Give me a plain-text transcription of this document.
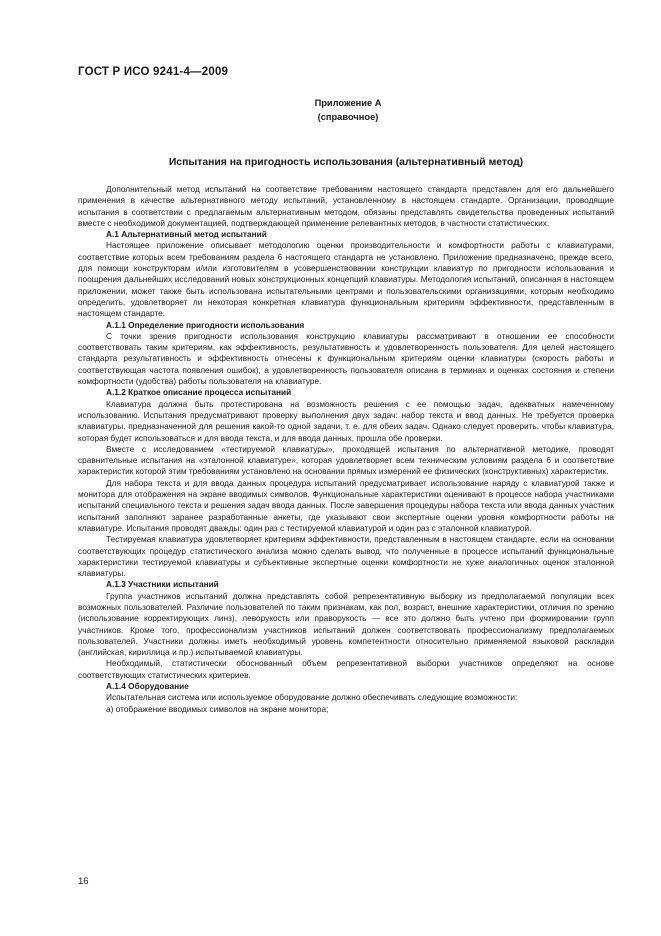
ГОСТ Р ИСО 9241-4—2009
Приложение А
(справочное)
Испытания на пригодность использования (альтернативный метод)

Дополнительный метод испытаний на соответствие требованиям настоящего стандарта представлен для его дальнейшего применения в качестве альтернативного методу испытаний, установленному в настоящем стандарте. Организации, проводящие испытания в соответствии с предлагаемым альтернативным методом, обязаны представлять свидетельства проведенных испытаний вместе с необходимой документацией, подтверждающей применение релевантных методов, в частности статистических.

А.1 Альтернативный метод испытаний

Настоящее приложение описывает методологию оценки производительности и комфортности работы с клавиатурами, соответствие которых всем требованиям раздела 6 настоящего стандарта не установлено. Приложение предназначено, прежде всего, для помощи конструкторам и/или изготовителям в усовершенствовании конструкции клавиатур по пригодности использования и поощрения дальнейших исследований новых конструкционных концепций клавиатуры. Методология испытаний, описанная в настоящем приложении, может также быть использована испытательными центрами и пользовательскими организациями, которым необходимо определить, удовлетворяет ли некоторая конкретная клавиатура функциональным критериям эффективности, представленным в настоящем стандарте.

А.1.1 Определение пригодности использования

С точки зрения пригодности использования конструкцию клавиатуры рассматривают в отношении ее способности соответствовать таким критериям, как эффективность, результативность и удовлетворенность пользователя. Для целей настоящего стандарта результативность и эффективность отнесены к функциональным критериям оценки клавиатуры (скорость работы и соответствующая частота появления ошибок), а удовлетворенность пользователя описана в терминах и оценках состояния и степени комфортности (удобства) работы пользователя на клавиатуре.

А.1.2 Краткое описание процесса испытаний

Клавиатура должна быть протестирована на возможность решения с ее помощью задач, адекватных намеченному использованию. Испытания предусматривают проверку выполнения двух задач: набор текста и ввод данных. Не требуется проверка клавиатуры, предназначенной для решения какой-то одной задачи, т. е. для обеих задач. Однако следует проверить, чтобы клавиатура, которая будет использоваться и для ввода текста, и для ввода данных, прошла обе проверки.

Вместе с исследованием «тестируемой клавиатуры», проходящей испытания по альтернативной методике, проводят сравнительные испытания на «эталонной клавиатуре», которая удовлетворяет всем техническим условиям раздела 6 и соответствие характеристик которой этим требованиям установлено на основании прямых измерений ее физических (конструктивных) характеристик.

Для набора текста и для ввода данных процедура испытаний предусматривает использование наряду с клавиатурой также и монитора для отображения на экране вводимых символов. Функциональные характеристики оценивают в процессе набора участниками испытаний специального текста и решения задач ввода данных. После завершения процедуры набора текста или ввода данных участник испытаний заполняют заранее разработанные анкеты, где указывают свои экспертные оценки уровня комфортности работы на клавиатуре. Испытания проводят дважды: один раз с тестируемой клавиатурой и один раз с эталонной клавиатурой.

Тестируемая клавиатура удовлетворяет критериям эффективности, представленным в настоящем стандарте, если на основании соответствующих процедур статистического анализа можно сделать вывод, что полученные в процессе испытаний функциональные характеристики тестируемой клавиатуры и субъективные экспертные оценки комфортности не хуже аналогичных оценок эталонной клавиатуры.

А.1.3 Участники испытаний

Группа участников испытаний должна представлять собой репрезентативную выборку из предполагаемой популяции всех возможных пользователей. Различие пользователей по таким признакам, как пол, возраст, внешние характеристики, отличия по зрению (использование корректирующих линз), леворукость или праворукость — все это должно быть учтено при формировании групп участников. Кроме того, профессионализм участников испытаний должен соответствовать профессионализму предполагаемых пользователей. Участники должны иметь необходимый уровень компетентности относительно применяемой языковой раскладки (английская, кириллица и пр.) испытываемой клавиатуры.

Необходимый, статистически обоснованный объем репрезентативной выборки участников определяют на основе соответствующих статистических критериев.

А.1.4 Оборудование

Испытательная система или используемое оборудование должно обеспечивать следующие возможности:

а) отображение вводимых символов на экране монитора;

16
